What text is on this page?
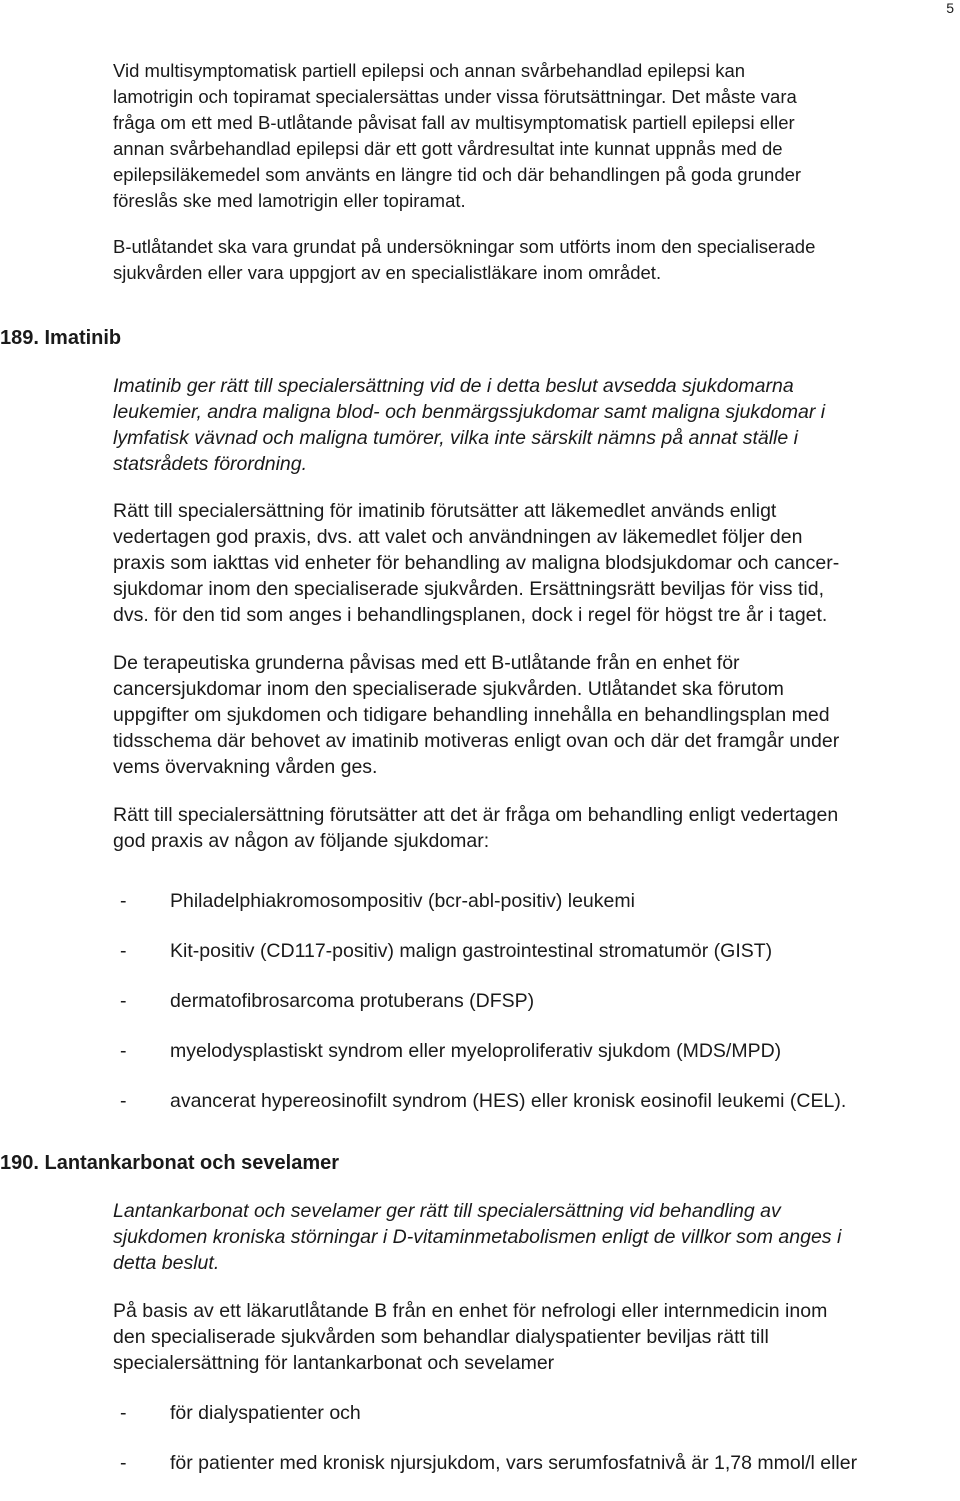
5

Vid multisymptomatisk partiell epilepsi och annan svårbehandlad epilepsi kan
lamotrigin och topiramat specialersättas under vissa förutsättningar. Det måste vara
fråga om ett med B-utlåtande påvisat fall av multisymptomatisk partiell epilepsi eller
annan svårbehandlad epilepsi där ett gott vårdresultat inte kunnat uppnås med de
epilepsiläkemedel som använts en längre tid och där behandlingen på goda grunder
föreslås ske med lamotrigin eller topiramat.

B-utlåtandet ska vara grundat på undersökningar som utförts inom den specialiserade
sjukvården eller vara uppgjort av en specialistläkare inom området.

189. Imatinib

Imatinib ger rätt till specialersättning vid de i detta beslut avsedda sjukdomarna
leukemier, andra maligna blod- och benmärgssjukdomar samt maligna sjukdomar i
lymfatisk vävnad och maligna tumörer, vilka inte särskilt nämns på annat ställe i
statsrådets förordning.

Rätt till specialersättning för imatinib förutsätter att läkemedlet används enligt
vedertagen god praxis, dvs. att valet och användningen av läkemedlet följer den
praxis som iakttas vid enheter för behandling av maligna blodsjukdomar och cancer-
sjukdomar inom den specialiserade sjukvården. Ersättningsrätt beviljas för viss tid,
dvs. för den tid som anges i behandlingsplanen, dock i regel för högst tre år i taget.

De terapeutiska grunderna påvisas med ett B-utlåtande från en enhet för
cancersjukdomar inom den specialiserade sjukvården. Utlåtandet ska förutom
uppgifter om sjukdomen och tidigare behandling innehålla en behandlingsplan med
tidsschema där behovet av imatinib motiveras enligt ovan och där det framgår under
vems övervakning vården ges.

Rätt till specialersättning förutsätter att det är fråga om behandling enligt vedertagen
god praxis av någon av följande sjukdomar:

- Philadelphiakromosompositiv (bcr-abl-positiv) leukemi
- Kit-positiv (CD117-positiv) malign gastrointestinal stromatumör (GIST)
- dermatofibrosarcoma protuberans (DFSP)
- myelodysplastiskt syndrom eller myeloproliferativ sjukdom (MDS/MPD)
- avancerat hypereosinofilt syndrom (HES) eller kronisk eosinofil leukemi (CEL).
190. Lantankarbonat och sevelamer

Lantankarbonat och sevelamer ger rätt till specialersättning vid behandling av
sjukdomen kroniska störningar i D-vitaminmetabolismen enligt de villkor som anges i
detta beslut.

På basis av ett läkarutlåtande B från en enhet för nefrologi eller internmedicin inom
den specialiserade sjukvården som behandlar dialyspatienter beviljas rätt till
specialersättning för lantankarbonat och sevelamer

- för dialyspatienter och
- för patienter med kronisk njursjukdom, vars serumfosfatnivå är 1,78 mmol/l eller
